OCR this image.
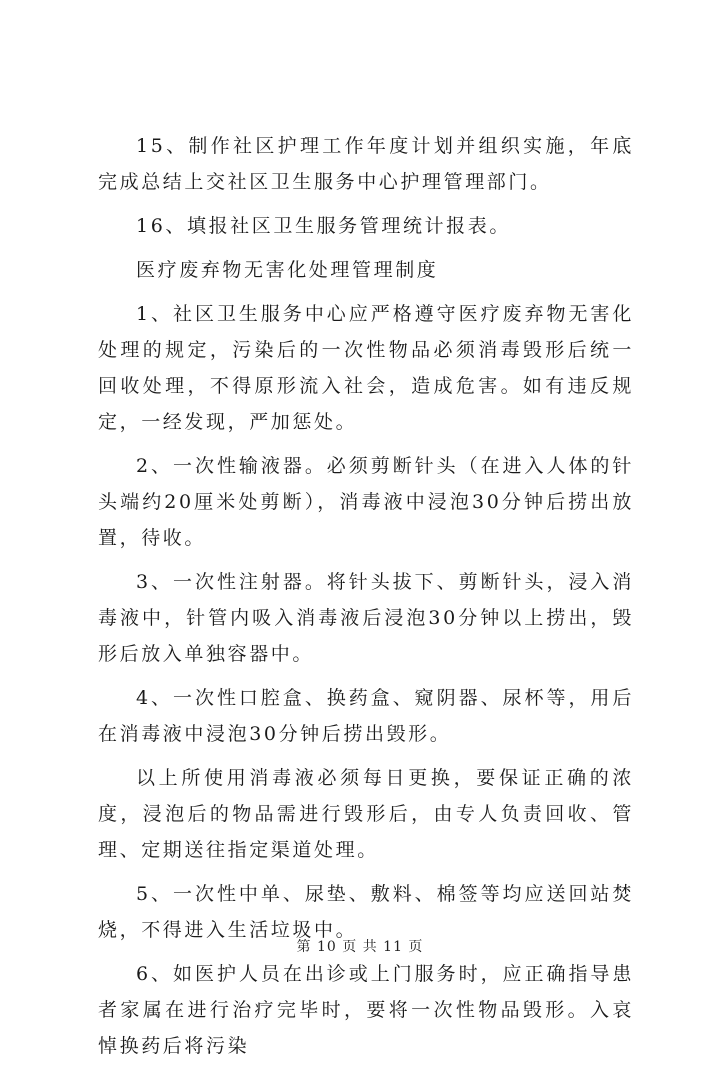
15、制作社区护理工作年度计划并组织实施，年底完成总结上交社区卫生服务中心护理管理部门。

16、填报社区卫生服务管理统计报表。

医疗废弃物无害化处理管理制度

1、社区卫生服务中心应严格遵守医疗废弃物无害化处理的规定，污染后的一次性物品必须消毒毁形后统一回收处理，不得原形流入社会，造成危害。如有违反规定，一经发现，严加惩处。

2、一次性输液器。必须剪断针头（在进入人体的针头端约20厘米处剪断），消毒液中浸泡30分钟后捞出放置，待收。

3、一次性注射器。将针头拔下、剪断针头，浸入消毒液中，针管内吸入消毒液后浸泡30分钟以上捞出，毁形后放入单独容器中。

4、一次性口腔盒、换药盒、窥阴器、尿杯等，用后在消毒液中浸泡30分钟后捞出毁形。

以上所使用消毒液必须每日更换，要保证正确的浓度，浸泡后的物品需进行毁形后，由专人负责回收、管理、定期送往指定渠道处理。

5、一次性中单、尿垫、敷料、棉签等均应送回站焚烧，不得进入生活垃圾中。

6、如医护人员在出诊或上门服务时，应正确指导患者家属在进行治疗完毕时，要将一次性物品毁形。入哀悼换药后将污染

第 10 页 共 11 页
